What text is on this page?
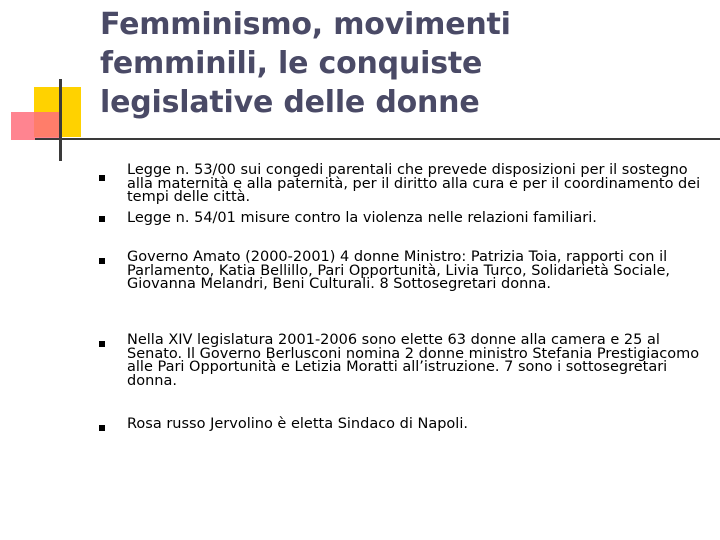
Femminismo, movimenti
femminili, le conquiste
legislative delle donne
Legge n. 53/00 sui congedi parentali che prevede disposizioni per il sostegno alla maternità e alla paternità, per il diritto alla cura e per il coordinamento dei tempi delle città.
Legge n. 54/01 misure contro la violenza nelle relazioni familiari.
Governo Amato (2000-2001) 4 donne Ministro: Patrizia Toia, rapporti con il Parlamento, Katia Bellillo, Pari Opportunità, Livia Turco, Solidarietà Sociale, Giovanna Melandri, Beni Culturali. 8 Sottosegretari donna.
Nella XIV legislatura 2001-2006 sono elette 63 donne alla camera e 25 al Senato. Il Governo Berlusconi nomina 2 donne ministro Stefania Prestigiacomo alle Pari Opportunità e Letizia Moratti all’istruzione. 7 sono i sottosegretari donna.
Rosa russo Jervolino è eletta Sindaco di Napoli.
